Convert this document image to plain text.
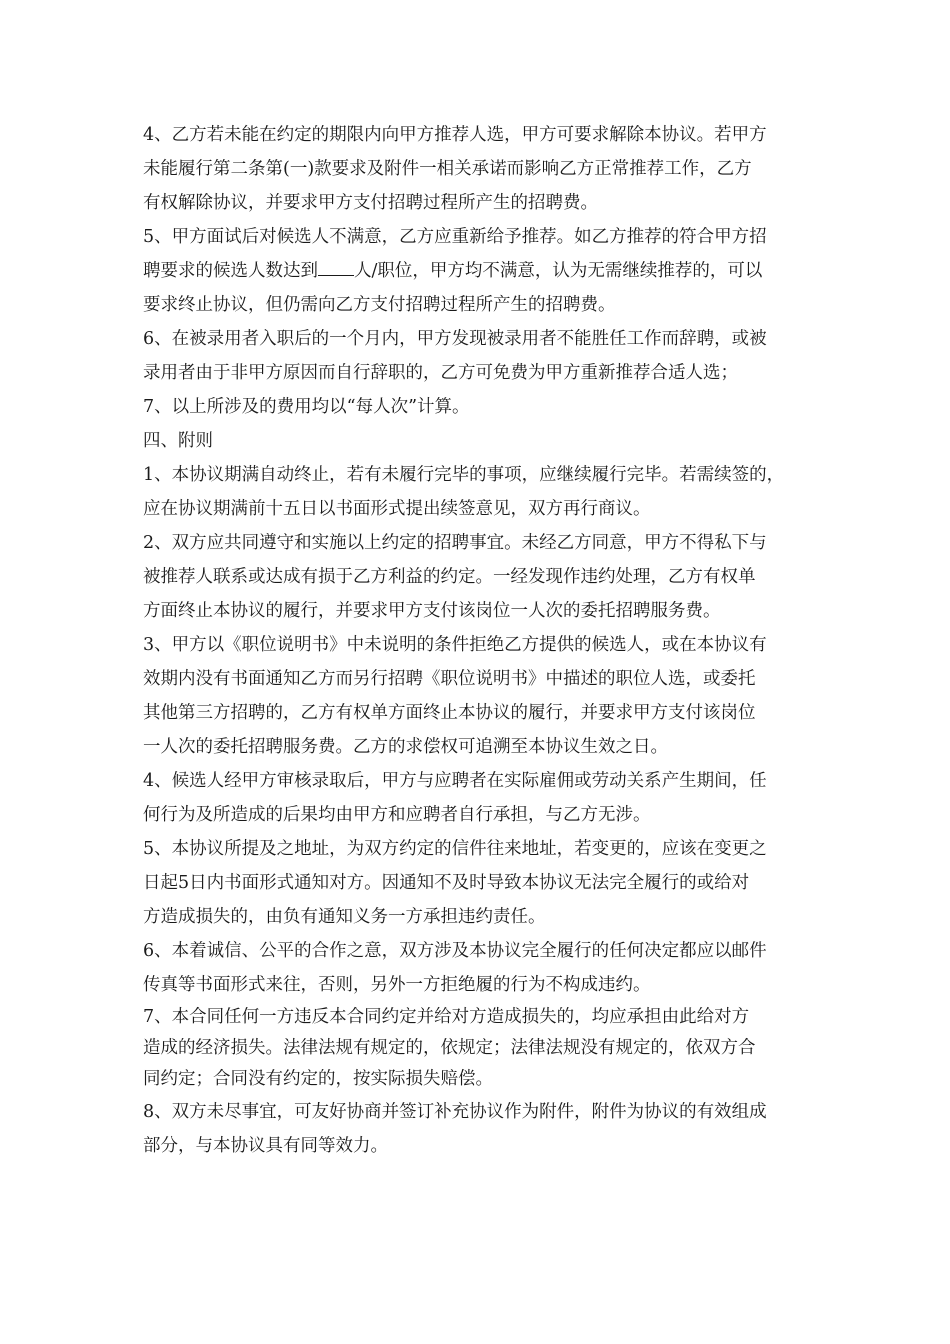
4、乙方若未能在约定的期限内向甲方推荐人选，甲方可要求解除本协议。若甲方
未能履行第二条第(一)款要求及附件一相关承诺而影响乙方正常推荐工作，乙方
有权解除协议，并要求甲方支付招聘过程所产生的招聘费。
5、甲方面试后对候选人不满意，乙方应重新给予推荐。如乙方推荐的符合甲方招
聘要求的候选人数达到 人/职位，甲方均不满意，认为无需继续推荐的，可以
要求终止协议，但仍需向乙方支付招聘过程所产生的招聘费。
6、在被录用者入职后的一个月内，甲方发现被录用者不能胜任工作而辞聘，或被
录用者由于非甲方原因而自行辞职的，乙方可免费为甲方重新推荐合适人选；
7、以上所涉及的费用均以“每人次”计算。
四、附则
1、本协议期满自动终止，若有未履行完毕的事项，应继续履行完毕。若需续签的，
应在协议期满前十五日以书面形式提出续签意见，双方再行商议。
2、双方应共同遵守和实施以上约定的招聘事宜。未经乙方同意，甲方不得私下与
被推荐人联系或达成有损于乙方利益的约定。一经发现作违约处理，乙方有权单
方面终止本协议的履行，并要求甲方支付该岗位一人次的委托招聘服务费。
3、甲方以《职位说明书》中未说明的条件拒绝乙方提供的候选人，或在本协议有
效期内没有书面通知乙方而另行招聘《职位说明书》中描述的职位人选，或委托
其他第三方招聘的，乙方有权单方面终止本协议的履行，并要求甲方支付该岗位
一人次的委托招聘服务费。乙方的求偿权可追溯至本协议生效之日。
4、候选人经甲方审核录取后，甲方与应聘者在实际雇佣或劳动关系产生期间，任
何行为及所造成的后果均由甲方和应聘者自行承担，与乙方无涉。
5、本协议所提及之地址，为双方约定的信件往来地址，若变更的，应该在变更之
日起5日内书面形式通知对方。因通知不及时导致本协议无法完全履行的或给对
方造成损失的，由负有通知义务一方承担违约责任。
6、本着诚信、公平的合作之意，双方涉及本协议完全履行的任何决定都应以邮件
传真等书面形式来往，否则，另外一方拒绝履的行为不构成违约。
7、本合同任何一方违反本合同约定并给对方造成损失的，均应承担由此给对方
造成的经济损失。法律法规有规定的，依规定；法律法规没有规定的，依双方合
同约定；合同没有约定的，按实际损失赔偿。
8、双方未尽事宜，可友好协商并签订补充协议作为附件，附件为协议的有效组成
部分，与本协议具有同等效力。
